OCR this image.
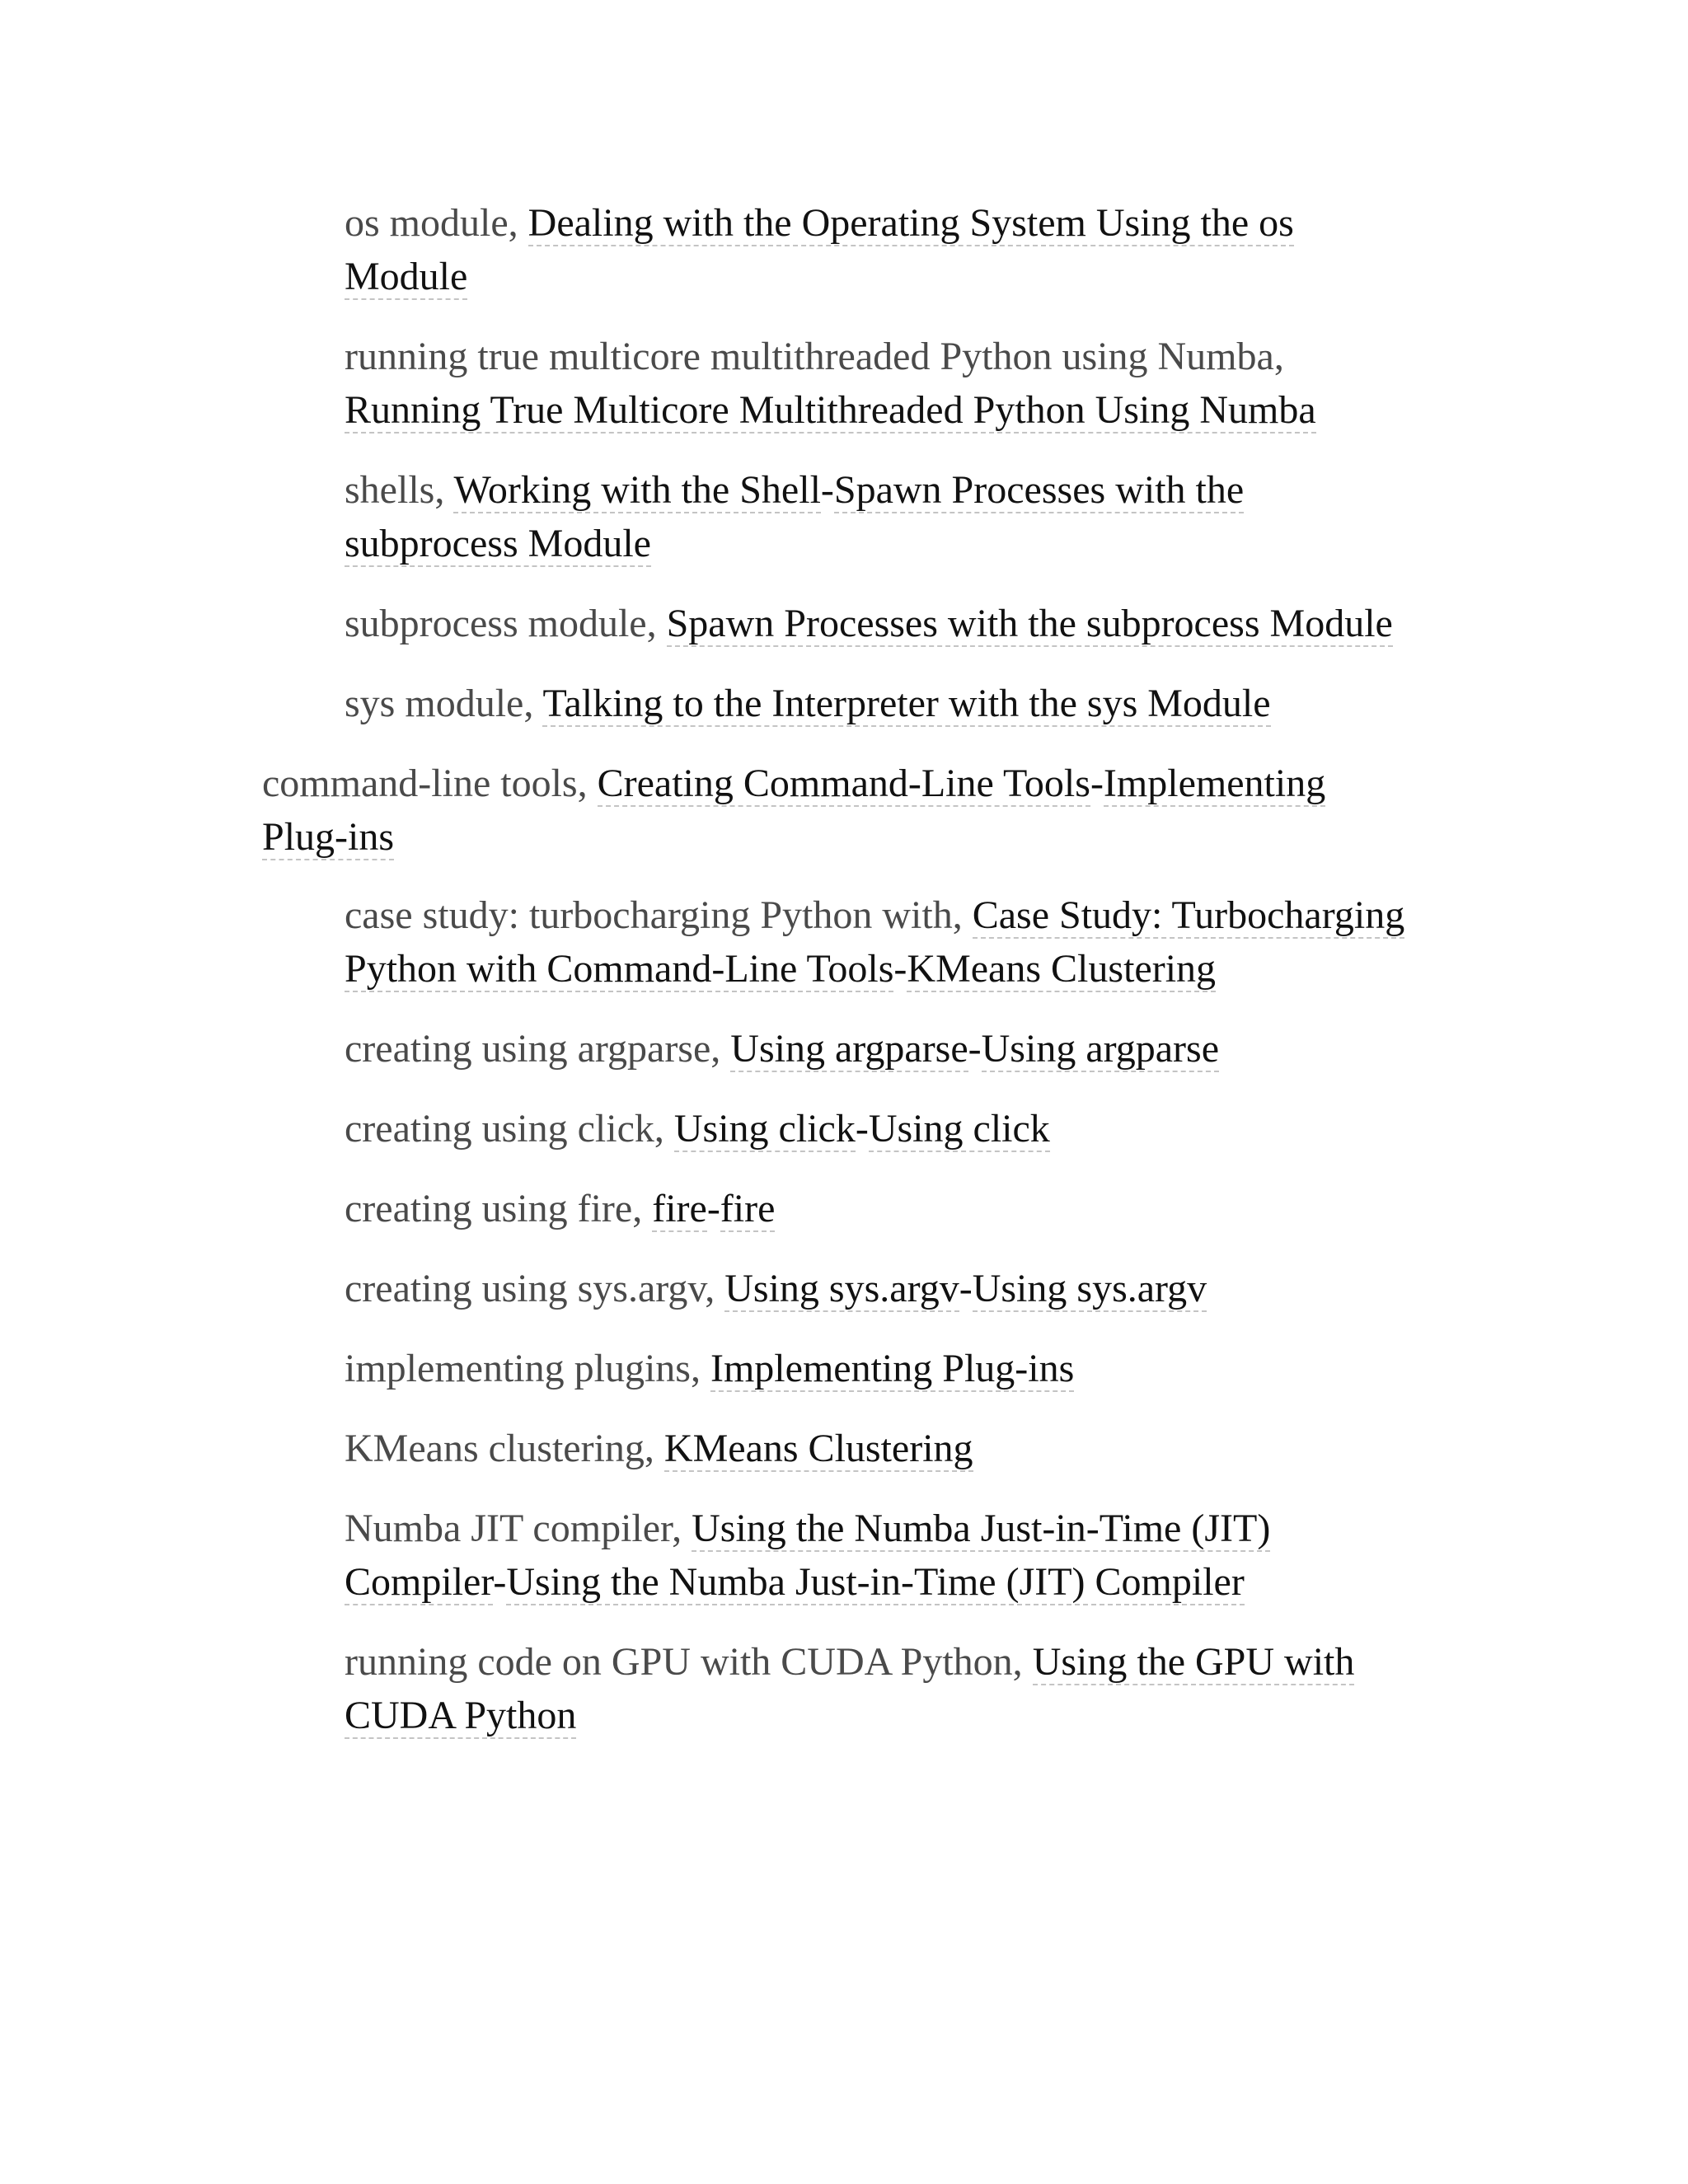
os module, Dealing with the Operating System Using the os Module

running true multicore multithreaded Python using Numba, Running True Multicore Multithreaded Python Using Numba

shells, Working with the Shell-Spawn Processes with the subprocess Module

subprocess module, Spawn Processes with the subprocess Module

sys module, Talking to the Interpreter with the sys Module

command-line tools, Creating Command-Line Tools-Implementing Plug-ins

case study: turbocharging Python with, Case Study: Turbocharging Python with Command-Line Tools-KMeans Clustering

creating using argparse, Using argparse-Using argparse

creating using click, Using click-Using click

creating using fire, fire-fire

creating using sys.argv, Using sys.argv-Using sys.argv

implementing plugins, Implementing Plug-ins

KMeans clustering, KMeans Clustering

Numba JIT compiler, Using the Numba Just-in-Time (JIT) Compiler-Using the Numba Just-in-Time (JIT) Compiler

running code on GPU with CUDA Python, Using the GPU with CUDA Python
